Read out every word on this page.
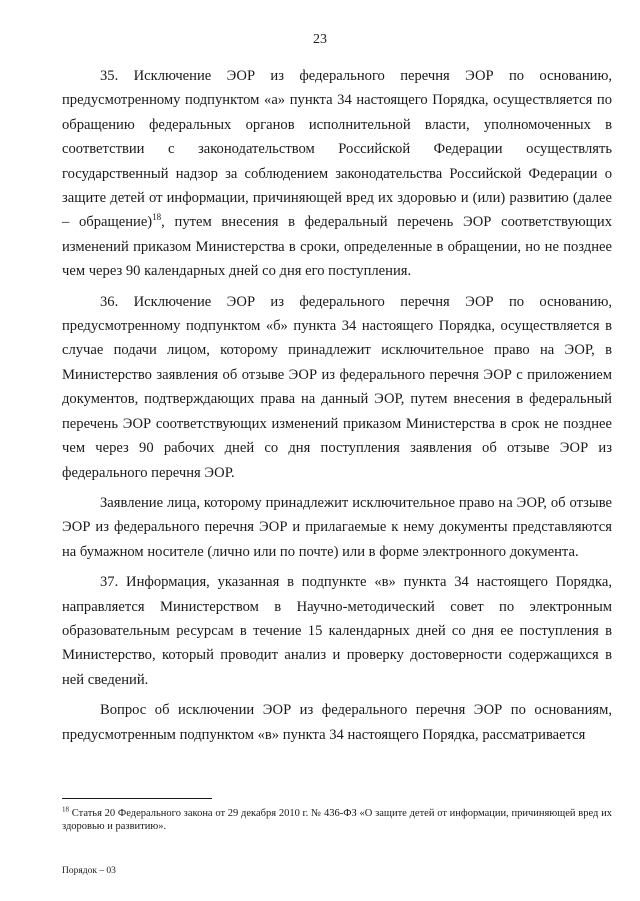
23

35. Исключение ЭОР из федерального перечня ЭОР по основанию, предусмотренному подпунктом «а» пункта 34 настоящего Порядка, осуществляется по обращению федеральных органов исполнительной власти, уполномоченных в соответствии с законодательством Российской Федерации осуществлять государственный надзор за соблюдением законодательства Российской Федерации о защите детей от информации, причиняющей вред их здоровью и (или) развитию (далее – обращение)$^{18}$, путем внесения в федеральный перечень ЭОР соответствующих изменений приказом Министерства в сроки, определенные в обращении, но не позднее чем через 90 календарных дней со дня его поступления.

36. Исключение ЭОР из федерального перечня ЭОР по основанию, предусмотренному подпунктом «б» пункта 34 настоящего Порядка, осуществляется в случае подачи лицом, которому принадлежит исключительное право на ЭОР, в Министерство заявления об отзыве ЭОР из федерального перечня ЭОР с приложением документов, подтверждающих права на данный ЭОР, путем внесения в федеральный перечень ЭОР соответствующих изменений приказом Министерства в срок не позднее чем через 90 рабочих дней со дня поступления заявления об отзыве ЭОР из федерального перечня ЭОР.

Заявление лица, которому принадлежит исключительное право на ЭОР, об отзыве ЭОР из федерального перечня ЭОР и прилагаемые к нему документы представляются на бумажном носителе (лично или по почте) или в форме электронного документа.

37. Информация, указанная в подпункте «в» пункта 34 настоящего Порядка, направляется Министерством в Научно-методический совет по электронным образовательным ресурсам в течение 15 календарных дней со дня ее поступления в Министерство, который проводит анализ и проверку достоверности содержащихся в ней сведений.

Вопрос об исключении ЭОР из федерального перечня ЭОР по основаниям, предусмотренным подпунктом «в» пункта 34 настоящего Порядка, рассматривается

$^{18}$ Статья 20 Федерального закона от 29 декабря 2010 г. № 436-ФЗ «О защите детей от информации, причиняющей вред их здоровью и развитию».
Порядок – 03
